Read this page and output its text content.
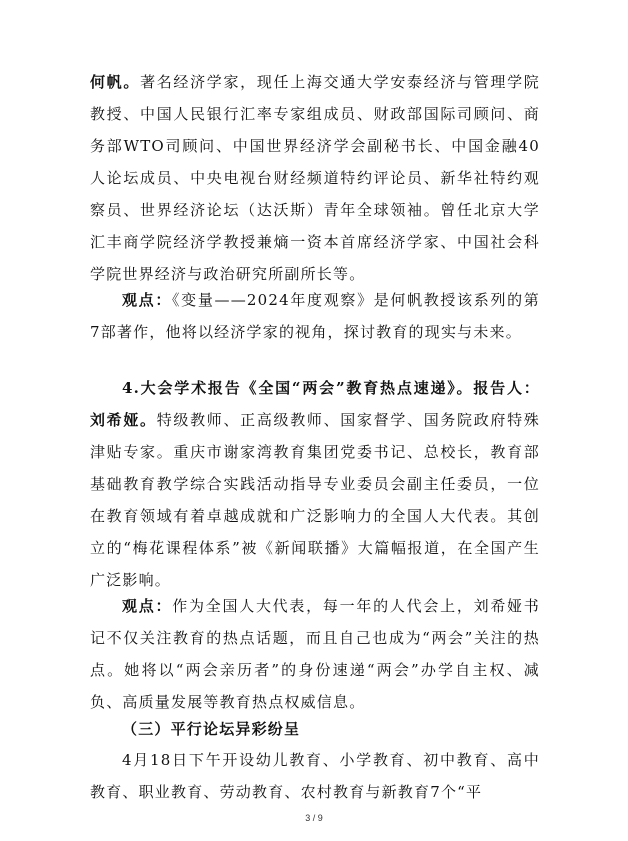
何帆。著名经济学家，现任上海交通大学安泰经济与管理学院教授、中国人民银行汇率专家组成员、财政部国际司顾问、商务部WTO司顾问、中国世界经济学会副秘书长、中国金融40人论坛成员、中央电视台财经频道特约评论员、新华社特约观察员、世界经济论坛（达沃斯）青年全球领袖。曾任北京大学汇丰商学院经济学教授兼熵一资本首席经济学家、中国社会科学院世界经济与政治研究所副所长等。

观点：《变量——2024年度观察》是何帆教授该系列的第7部著作，他将以经济学家的视角，探讨教育的现实与未来。

4.大会学术报告《全国“两会”教育热点速递》。报告人：刘希娅。特级教师、正高级教师、国家督学、国务院政府特殊津贴专家。重庆市谢家湾教育集团党委书记、总校长，教育部基础教育教学综合实践活动指导专业委员会副主任委员，一位在教育领域有着卓越成就和广泛影响力的全国人大代表。其创立的“梅花课程体系”被《新闻联播》大篇幅报道，在全国产生广泛影响。

观点：作为全国人大代表，每一年的人代会上，刘希娅书记不仅关注教育的热点话题，而且自己也成为“两会”关注的热点。她将以“两会亲历者”的身份速递“两会”办学自主权、减负、高质量发展等教育热点权威信息。

（三）平行论坛异彩纷呈

4月18日下午开设幼儿教育、小学教育、初中教育、高中教育、职业教育、劳动教育、农村教育与新教育7个“平

3 / 9
